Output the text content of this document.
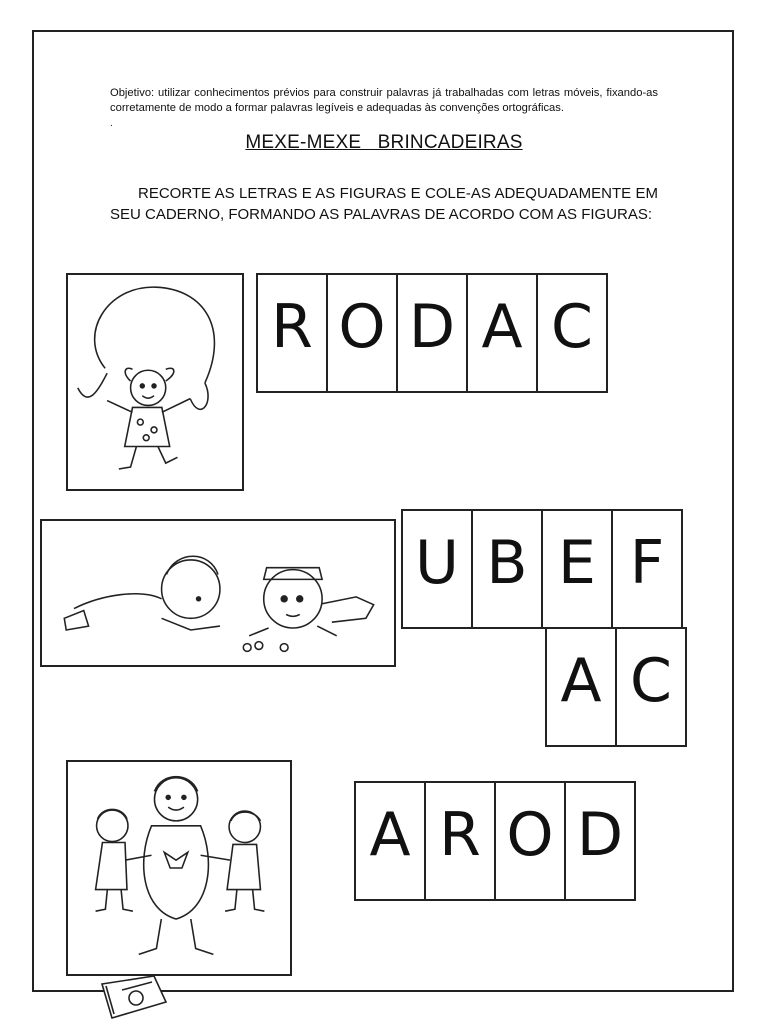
Objetivo: utilizar conhecimentos prévios para construir palavras já trabalhadas com letras móveis, fixando-as corretamente de modo a formar palavras legíveis e adequadas às convenções ortográficas.
.
MEXE-MEXE   BRINCADEIRAS
RECORTE AS LETRAS E AS FIGURAS E COLE-AS ADEQUADAMENTE EM SEU CADERNO, FORMANDO AS PALAVRAS DE ACORDO COM AS FIGURAS:
R O D A C
U B E F
A C
A R O D
